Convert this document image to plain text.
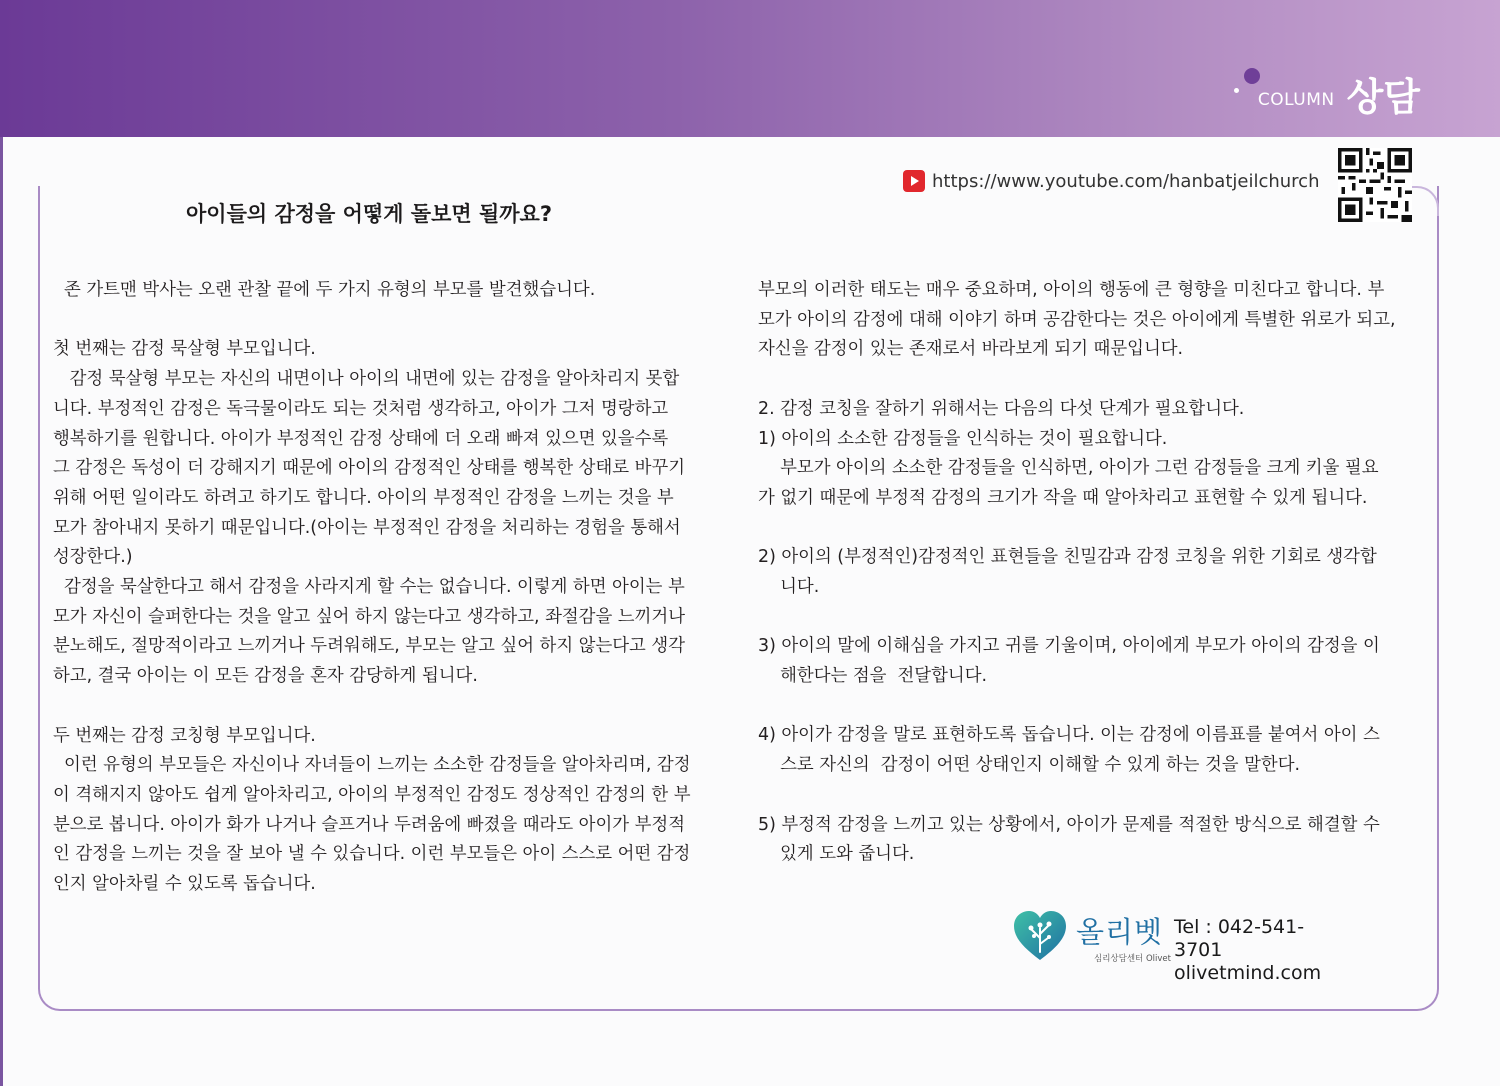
COLUMN 상담
https://www.youtube.com/hanbatjeilchurch
아이들의 감정을 어떻게 돌보면 될까요?

존 가트맨 박사는 오랜 관찰 끝에 두 가지 유형의 부모를 발견했습니다.

첫 번째는 감정 묵살형 부모입니다.

감정 묵살형 부모는 자신의 내면이나 아이의 내면에 있는 감정을 알아차리지 못합

니다. 부정적인 감정은 독극물이라도 되는 것처럼 생각하고, 아이가 그저 명랑하고

행복하기를 원합니다. 아이가 부정적인 감정 상태에 더 오래 빠져 있으면 있을수록

그 감정은 독성이 더 강해지기 때문에 아이의 감정적인 상태를 행복한 상태로 바꾸기

위해 어떤 일이라도 하려고 하기도 합니다. 아이의 부정적인 감정을 느끼는 것을 부

모가 참아내지 못하기 때문입니다.(아이는 부정적인 감정을 처리하는 경험을 통해서

성장한다.)

감정을 묵살한다고 해서 감정을 사라지게 할 수는 없습니다. 이렇게 하면 아이는 부

모가 자신이 슬퍼한다는 것을 알고 싶어 하지 않는다고 생각하고, 좌절감을 느끼거나

분노해도, 절망적이라고 느끼거나 두려워해도, 부모는 알고 싶어 하지 않는다고 생각

하고, 결국 아이는 이 모든 감정을 혼자 감당하게 됩니다.

두 번째는 감정 코칭형 부모입니다.

이런 유형의 부모들은 자신이나 자녀들이 느끼는 소소한 감정들을 알아차리며, 감정

이 격해지지 않아도 쉽게 알아차리고, 아이의 부정적인 감정도 정상적인 감정의 한 부

분으로 봅니다. 아이가 화가 나거나 슬프거나 두려움에 빠졌을 때라도 아이가 부정적

인 감정을 느끼는 것을 잘 보아 낼 수 있습니다. 이런 부모들은 아이 스스로 어떤 감정

인지 알아차릴 수 있도록 돕습니다.

부모의 이러한 태도는 매우 중요하며, 아이의 행동에 큰 형향을 미친다고 합니다. 부

모가 아이의 감정에 대해 이야기 하며 공감한다는 것은 아이에게 특별한 위로가 되고,

자신을 감정이 있는 존재로서 바라보게 되기 때문입니다.

2. 감정 코칭을 잘하기 위해서는 다음의 다섯 단계가 필요합니다.

1) 아이의 소소한 감정들을 인식하는 것이 필요합니다.

부모가 아이의 소소한 감정들을 인식하면, 아이가 그런 감정들을 크게 키울 필요

가 없기 때문에 부정적 감정의 크기가 작을 때 알아차리고 표현할 수 있게 됩니다.

2) 아이의 (부정적인)감정적인 표현들을 친밀감과 감정 코칭을 위한 기회로 생각합

니다.

3) 아이의 말에 이해심을 가지고 귀를 기울이며, 아이에게 부모가 아이의 감정을 이

해한다는 점을  전달합니다.

4) 아이가 감정을 말로 표현하도록 돕습니다. 이는 감정에 이름표를 붙여서 아이 스

스로 자신의  감정이 어떤 상태인지 이해할 수 있게 하는 것을 말한다.

5) 부정적 감정을 느끼고 있는 상황에서, 아이가 문제를 적절한 방식으로 해결할 수

있게 도와 줍니다.

올리벳
심리상담센터 Olivet
Tel : 042-541-3701
olivetmind.com
